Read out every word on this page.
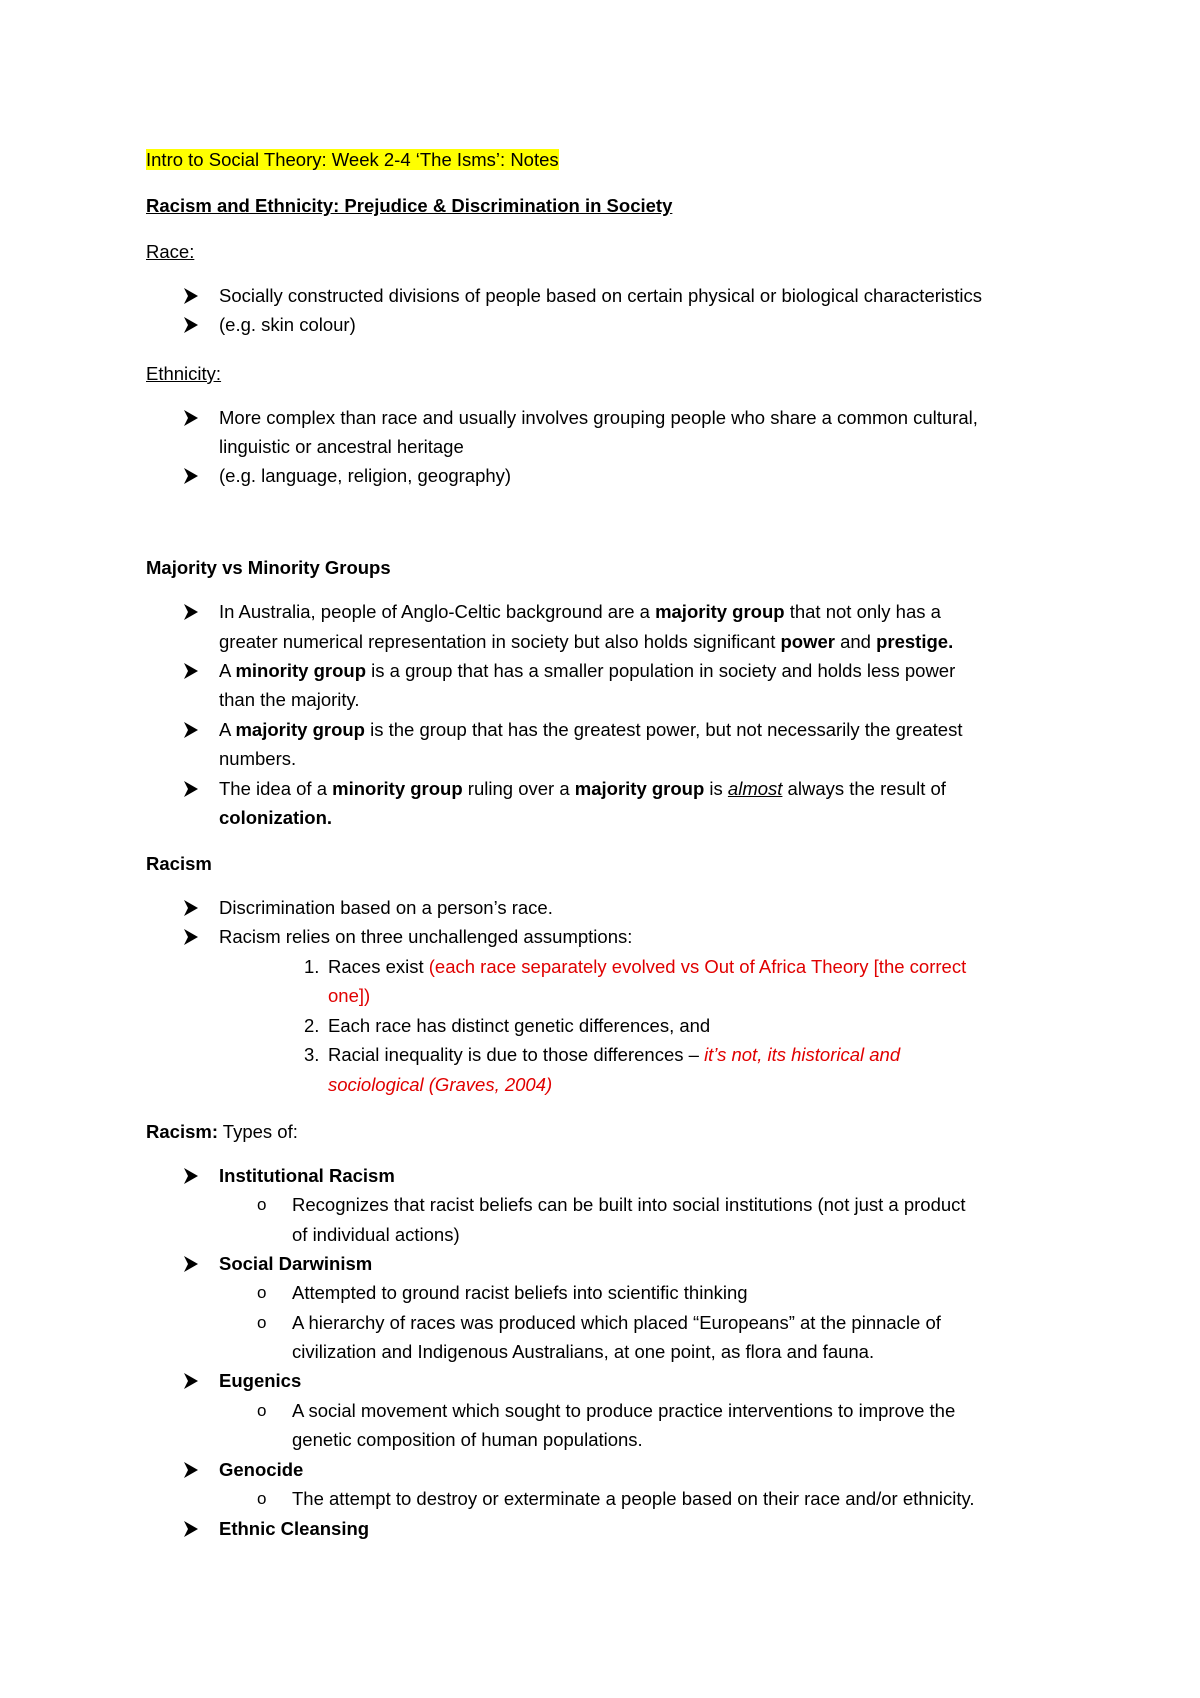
Intro to Social Theory: Week 2-4 ‘The Isms’: Notes
Racism and Ethnicity: Prejudice & Discrimination in Society
Race:
Socially constructed divisions of people based on certain physical or biological characteristics
(e.g. skin colour)
Ethnicity:
More complex than race and usually involves grouping people who share a common cultural,
linguistic or ancestral heritage
(e.g. language, religion, geography)
Majority vs Minority Groups
In Australia, people of Anglo-Celtic background are a majority group that not only has a
greater numerical representation in society but also holds significant power and prestige.
A minority group is a group that has a smaller population in society and holds less power
than the majority.
A majority group is the group that has the greatest power, but not necessarily the greatest
numbers.
The idea of a minority group ruling over a majority group is almost always the result of
colonization.
Racism
Discrimination based on a person’s race.
Racism relies on three unchallenged assumptions:
1. Races exist (each race separately evolved vs Out of Africa Theory [the correct
one])
2. Each race has distinct genetic differences, and
3. Racial inequality is due to those differences – it’s not, its historical and
sociological (Graves, 2004)
Racism: Types of:
Institutional Racism
o Recognizes that racist beliefs can be built into social institutions (not just a product
of individual actions)
Social Darwinism
o Attempted to ground racist beliefs into scientific thinking
o A hierarchy of races was produced which placed “Europeans” at the pinnacle of
civilization and Indigenous Australians, at one point, as flora and fauna.
Eugenics
o A social movement which sought to produce practice interventions to improve the
genetic composition of human populations.
Genocide
o The attempt to destroy or exterminate a people based on their race and/or ethnicity.
Ethnic Cleansing
